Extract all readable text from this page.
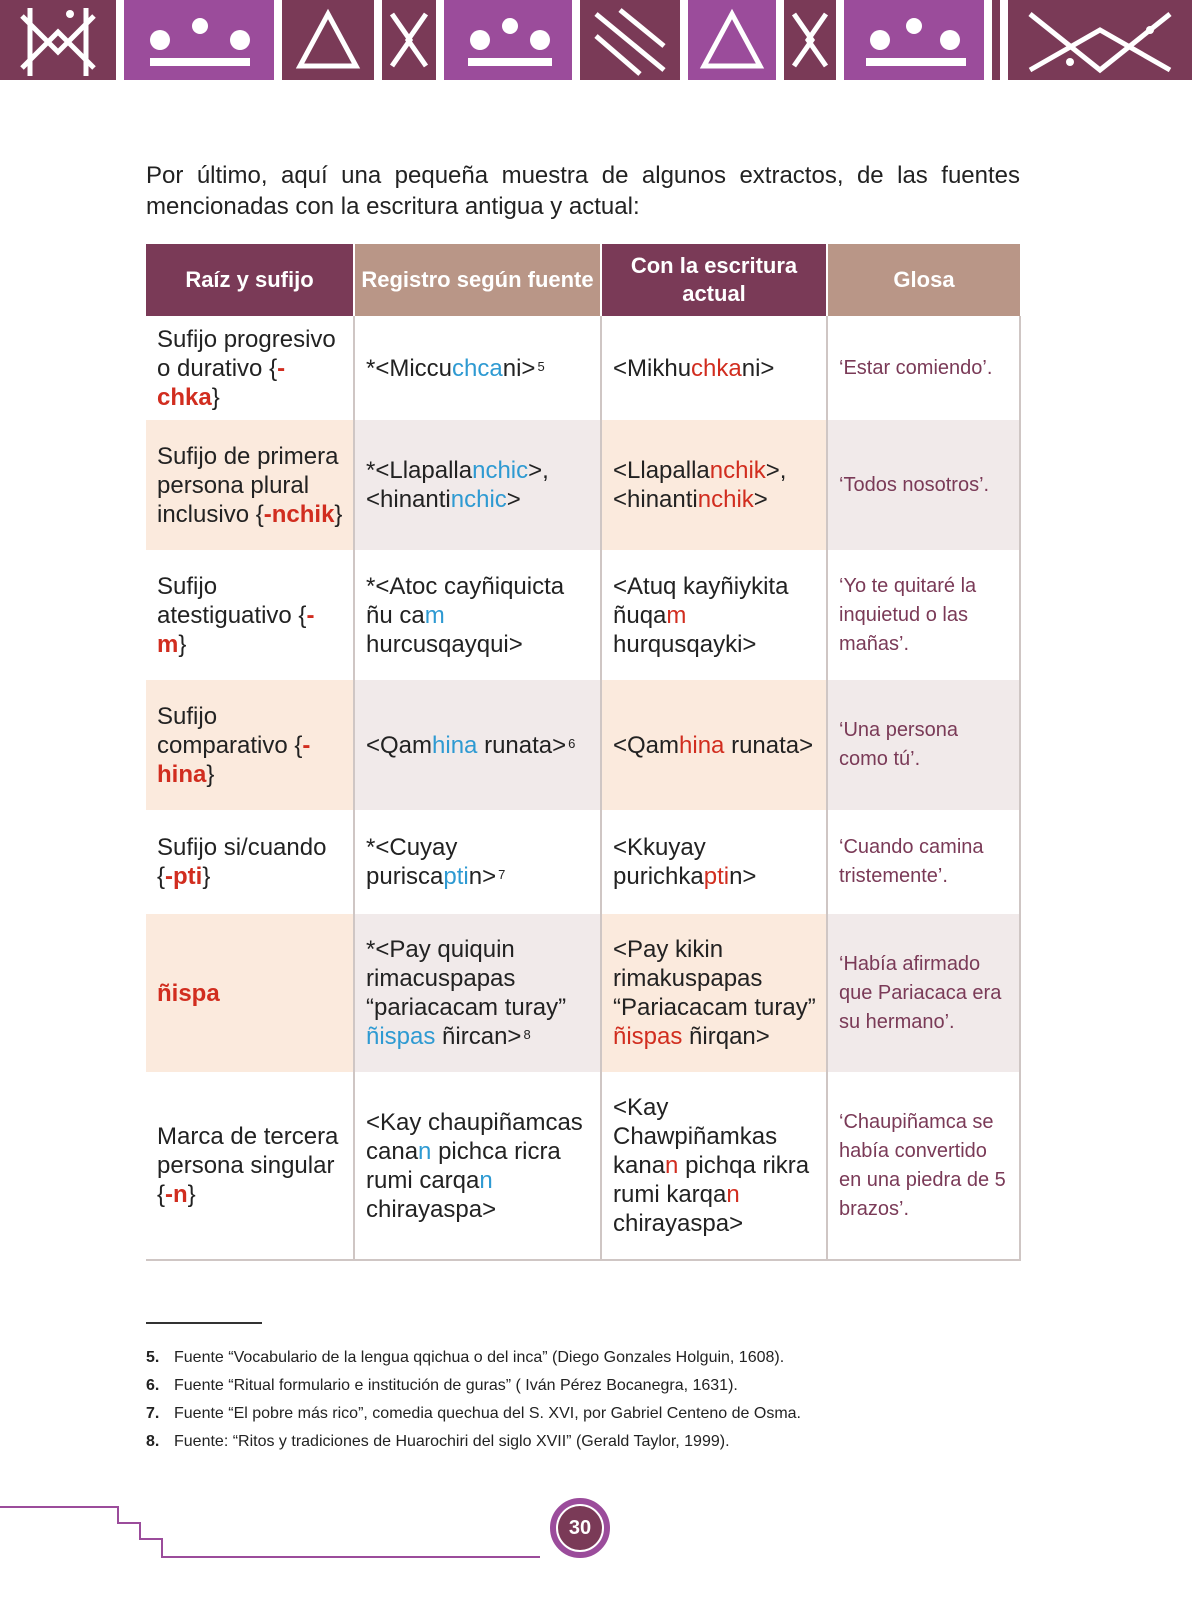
Por último, aquí una pequeña muestra de algunos extractos, de las fuentes mencionadas con la escritura antigua y actual:

Raíz y sufijo	Registro según fuente	Con la escritura actual	Glosa
Sufijo progresivo o durativo {-chka}	*<Miccuchcani> $^5$	<Mikhuchkani>	‘Estar comiendo’.
Sufijo de primera persona plural inclusivo {-nchik}	*<Llapallanchic>, <hinantinchic>	<Llapallanchik>, <hinantinchik>	‘Todos nosotros’.
Sufijo atestiguativo {-m}	*<Atoc cayñiquicta ñu cam hurcusqayqui>	<Atuq kayñiykita ñuqam hurqusqayki>	‘Yo te quitaré la inquietud o las mañas’.
Sufijo comparativo {-hina}	<Qamhina runata> $^6$	<Qamhina runata>	‘Una persona como tú’.
Sufijo si/cuando {-pti}	*<Cuyay puriscaptin> $^7$	<Kkuyay purichkaptin>	‘Cuando camina tristemente’.
ñispa	*<Pay quiquin rimacuspapas “pariacacam turay” ñispas ñircan> $^8$	<Pay kikin rimakuspapas “Pariacacam turay” ñispas ñirqan>	‘Había afirmado que Pariacaca era su hermano’.
Marca de tercera persona singular {-n}	<Kay chaupiñamcas canan pichca ricra rumi carqan chirayaspa>	<Kay Chawpiñamkas kanan pichqa rikra rumi karqan chirayaspa>	‘Chaupiñamca se había convertido en una piedra de 5 brazos’.
5. Fuente “Vocabulario de la lengua qqichua o del inca” (Diego Gonzales Holguin, 1608).
6. Fuente “Ritual formulario e institución de guras” ( Iván Pérez Bocanegra, 1631).
7. Fuente “El pobre más rico”, comedia quechua del S. XVI, por Gabriel Centeno de Osma.
8. Fuente: “Ritos y tradiciones de Huarochiri del siglo XVII” (Gerald Taylor, 1999).
30
